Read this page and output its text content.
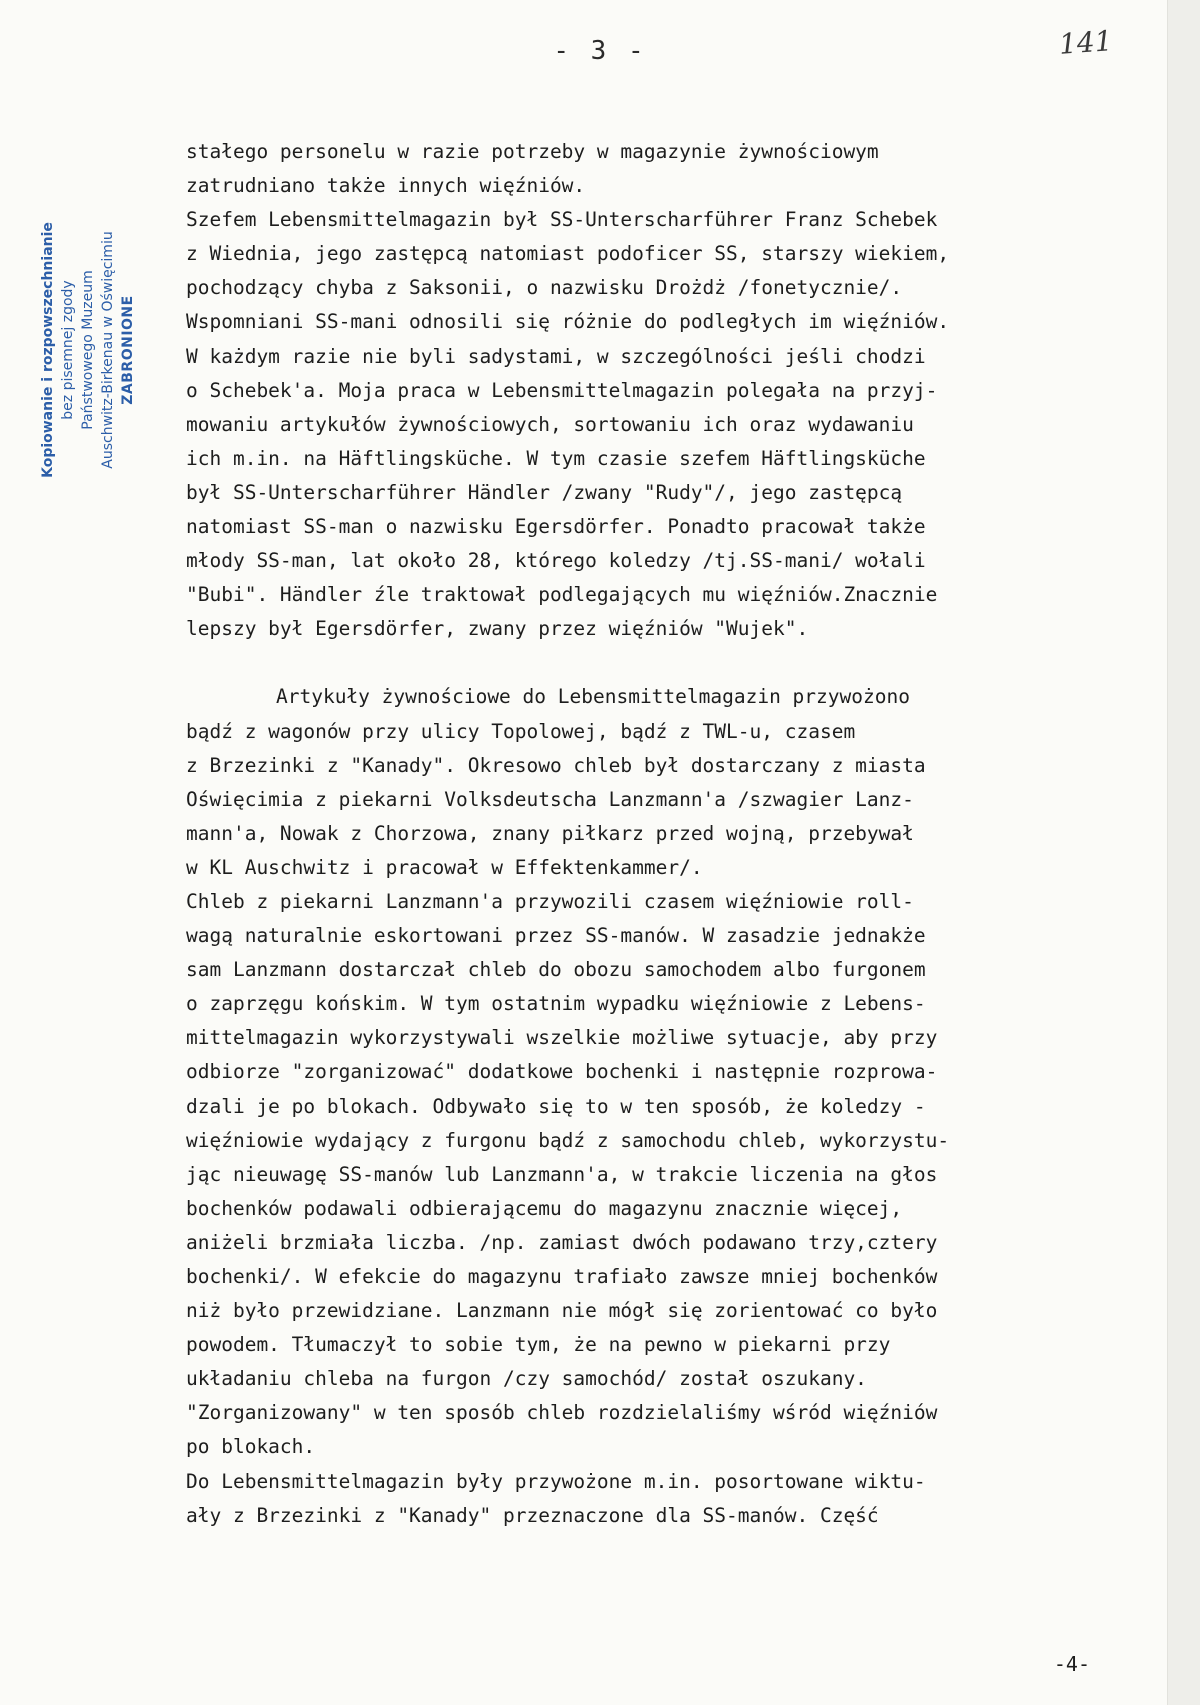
- 3 -	141
Kopiowanie i rozpowszechnianie bez pisemnej zgody Państwowego Muzeum Auschwitz-Birkenau w Oświęcimiu ZABRONIONE
stałego personelu w razie potrzeby w magazynie żywnościowym
zatrudniano także innych więźniów.
Szefem Lebensmittelmagazin był SS-Unterscharführer Franz Schebek
z Wiednia, jego zastępcą natomiast podoficer SS, starszy wiekiem,
pochodzący chyba z Saksonii, o nazwisku Drożdż /fonetycznie/.
Wspomniani SS-mani odnosili się różnie do podległych im więźniów.
W każdym razie nie byli sadystami, w szczególności jeśli chodzi
o Schebek'a. Moja praca w Lebensmittelmagazin polegała na przyj-
mowaniu artykułów żywnościowych, sortowaniu ich oraz wydawaniu
ich m.in. na Häftlingsküche. W tym czasie szefem Häftlingsküche
był SS-Unterscharführer Händler /zwany "Rudy"/, jego zastępcą
natomiast SS-man o nazwisku Egersdörfer. Ponadto pracował także
młody SS-man, lat około 28, którego koledzy /tj.SS-mani/ wołali
"Bubi". Händler źle traktował podlegających mu więźniów.Znacznie
lepszy był Egersdörfer, zwany przez więźniów "Wujek".
Artykuły żywnościowe do Lebensmittelmagazin przywożono
bądź z wagonów przy ulicy Topolowej, bądź z TWL-u, czasem
z Brzezinki z "Kanady". Okresowo chleb był dostarczany z miasta
Oświęcimia z piekarni Volksdeutscha Lanzmann'a /szwagier Lanz-
mann'a, Nowak z Chorzowa, znany piłkarz przed wojną, przebywał
w KL Auschwitz i pracował w Effektenkammer/.
Chleb z piekarni Lanzmann'a przywozili czasem więźniowie roll-
wagą naturalnie eskortowani przez SS-manów. W zasadzie jednakże
sam Lanzmann dostarczał chleb do obozu samochodem albo furgonem
o zaprzęgu końskim. W tym ostatnim wypadku więźniowie z Lebens-
mittelmagazin wykorzystywali wszelkie możliwe sytuacje, aby przy
odbiorze "zorganizować" dodatkowe bochenki i następnie rozprowa-
dzali je po blokach. Odbywało się to w ten sposób, że koledzy -
więźniowie wydający z furgonu bądź z samochodu chleb, wykorzystu-
jąc nieuwagę SS-manów lub Lanzmann'a, w trakcie liczenia na głos
bochenków podawali odbierającemu do magazynu znacznie więcej,
aniżeli brzmiała liczba. /np. zamiast dwóch podawano trzy,cztery
bochenki/. W efekcie do magazynu trafiało zawsze mniej bochenków
niż było przewidziane. Lanzmann nie mógł się zorientować co było
powodem. Tłumaczył to sobie tym, że na pewno w piekarni przy
układaniu chleba na furgon /czy samochód/ został oszukany.
"Zorganizowany" w ten sposób chleb rozdzielaliśmy wśród więźniów
po blokach.
Do Lebensmittelmagazin były przywożone m.in. posortowane wiktu-
ały z Brzezinki z "Kanady" przeznaczone dla SS-manów. Część
-4-
